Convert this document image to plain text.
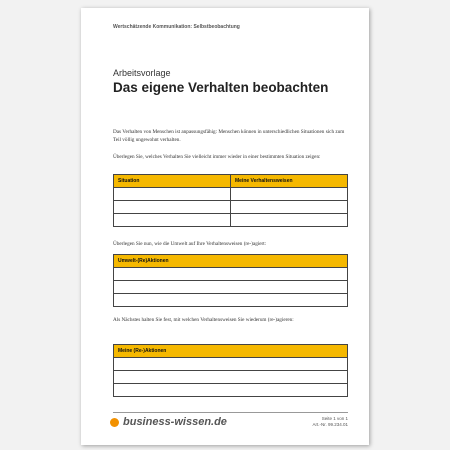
Wertschätzende Kommunikation: Selbstbeobachtung
Arbeitsvorlage
Das eigene Verhalten beobachten
Das Verhalten von Menschen ist anpassungsfähig: Menschen können in unterschiedlichen Situationen sich zum Teil völlig ungewohnt verhalten.
Überlegen Sie, welches Verhalten Sie vielleicht immer wieder in einer bestimmten Situation zeigen:
Situation	Meine Verhaltensweisen

Überlegen Sie nun, wie die Umwelt auf Ihre Verhaltensweisen (re-)agiert:
Umwelt-(Re)Aktionen

Als Nächstes halten Sie fest, mit welchen Verhaltensweisen Sie wiederum (re-)agieren:
Meine (Re-)Aktionen

business-wissen.de	Seite 1 von 1
Art.-Nr. 99.234.01
